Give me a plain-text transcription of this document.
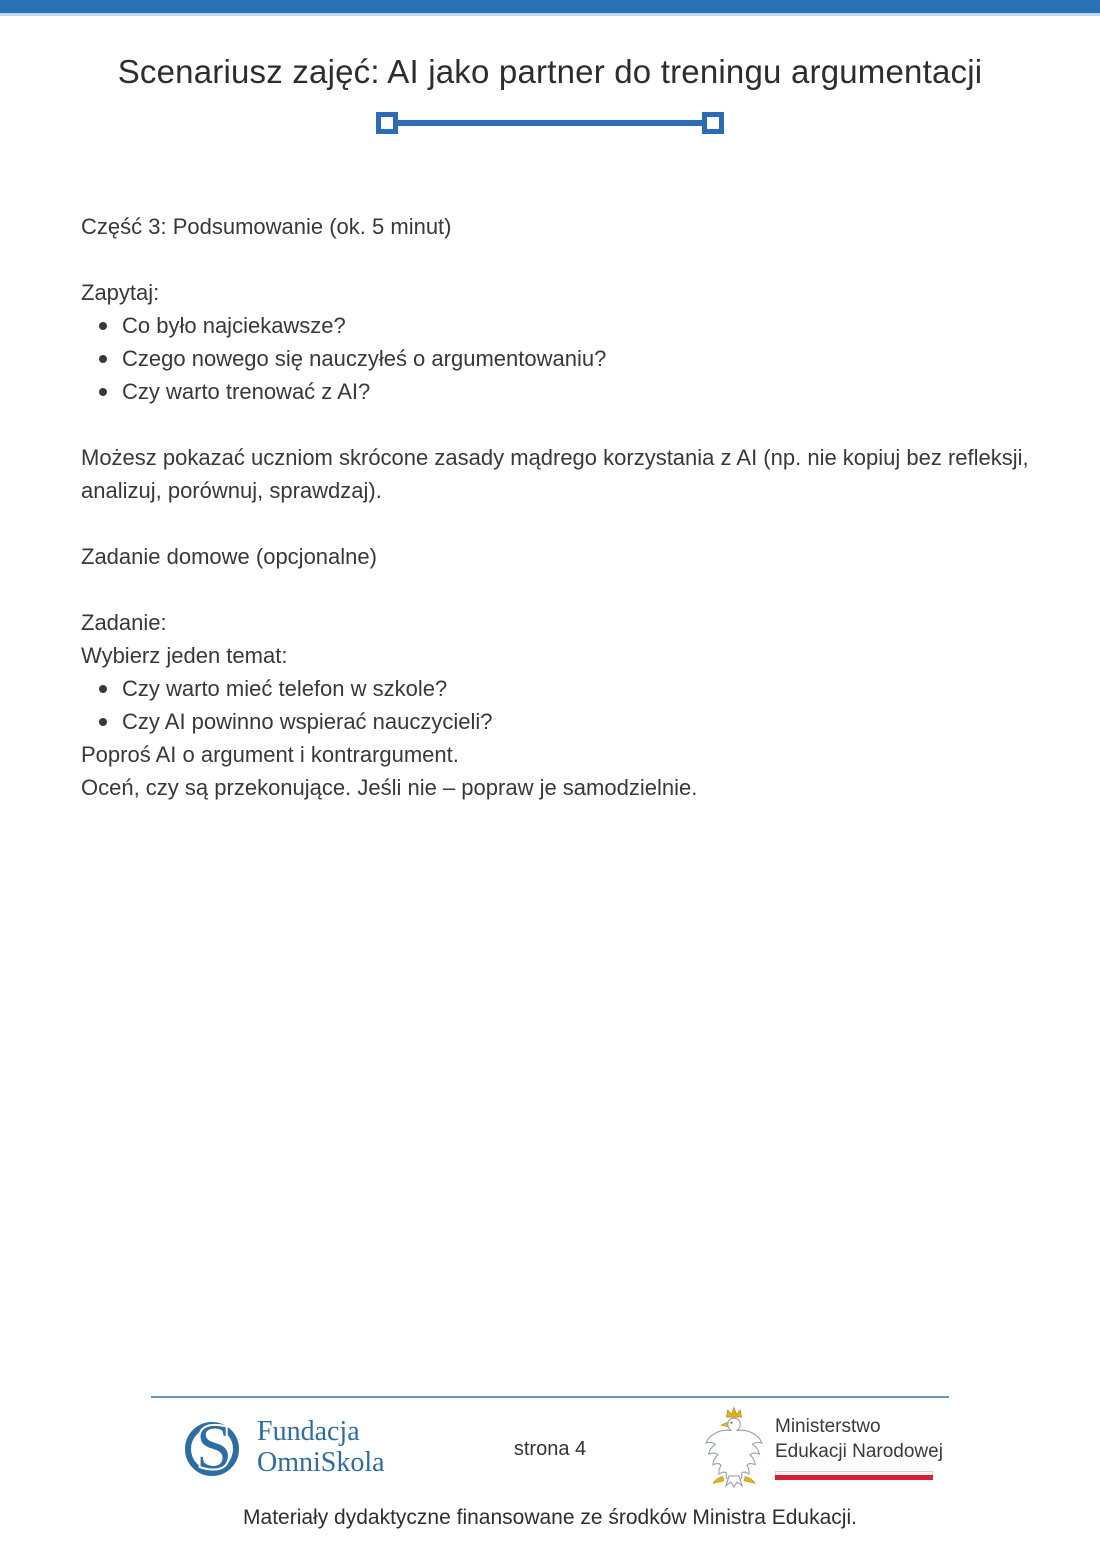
Scenariusz zajęć: AI jako partner do treningu argumentacji

Część 3: Podsumowanie (ok. 5 minut)

Zapytaj:

Co było najciekawsze?
Czego nowego się nauczyłeś o argumentowaniu?
Czy warto trenować z AI?

Możesz pokazać uczniom skrócone zasady mądrego korzystania z AI (np. nie kopiuj bez refleksji, analizuj, porównuj, sprawdzaj).

Zadanie domowe (opcjonalne)

Zadanie:

Wybierz jeden temat:

Czy warto mieć telefon w szkole?
Czy AI powinno wspierać nauczycieli?

Poproś AI o argument i kontrargument.

Oceń, czy są przekonujące. Jeśli nie – popraw je samodzielnie.

S Fundacja
OmniSkola	strona 4
Ministerstwo
Edukacji Narodowej

Materiały dydaktyczne finansowane ze środków Ministra Edukacji.
